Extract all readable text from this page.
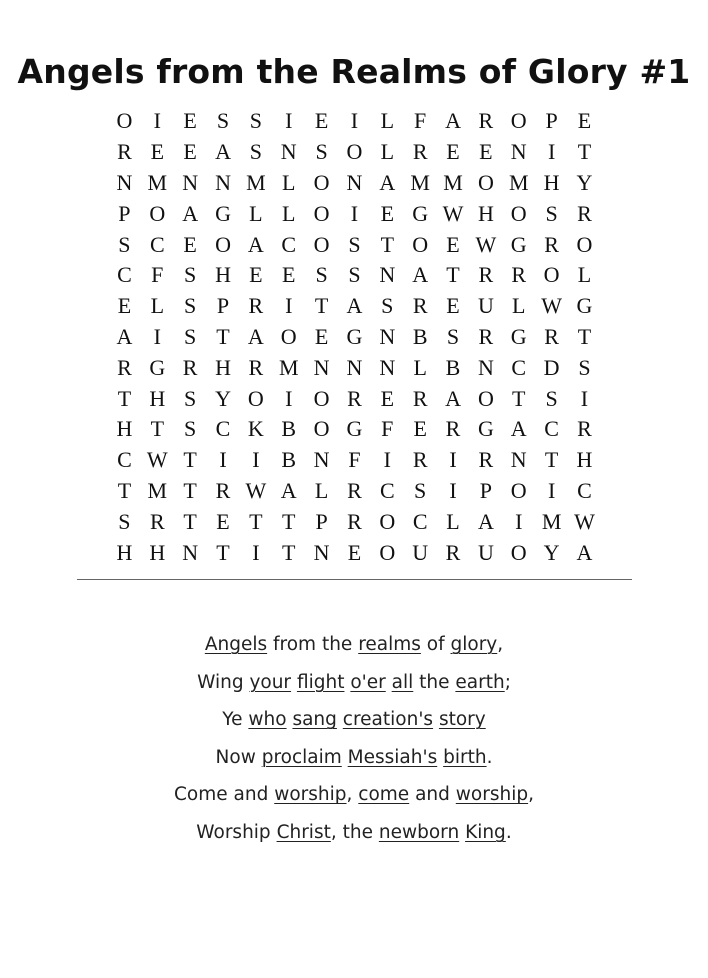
Angels from the Realms of Glory #1
O I	E S S	I	E	I	L F A R O P E
R E E A S N S O L R E E N I	T
N M N N M L O N A M M O M H Y
P O A G L L O I	E G W H O S R
S C E O A C O S T O E W G R O
C F S H E E S S N A T R R O L
E L S P R I	T A S R E U L W G
A I	S T A O E G N B S R G R T
R G R H R M N N N L B N C D S
T H S Y O I O R E R A O T S	I
H T S C K B O G F E R G A C R
C W T	I	I B N F	I R I R N T H
T M T R W A L R C S	I	P O I C
S R T E T T P R O C L A I M W
H H N T	I	T N E O U R U O Y A
Angels from the realms of glory,
Wing your flight o'er all the earth;
Ye who sang creation's story
Now proclaim Messiah's birth.
Come and worship, come and worship,
Worship Christ, the newborn King.
